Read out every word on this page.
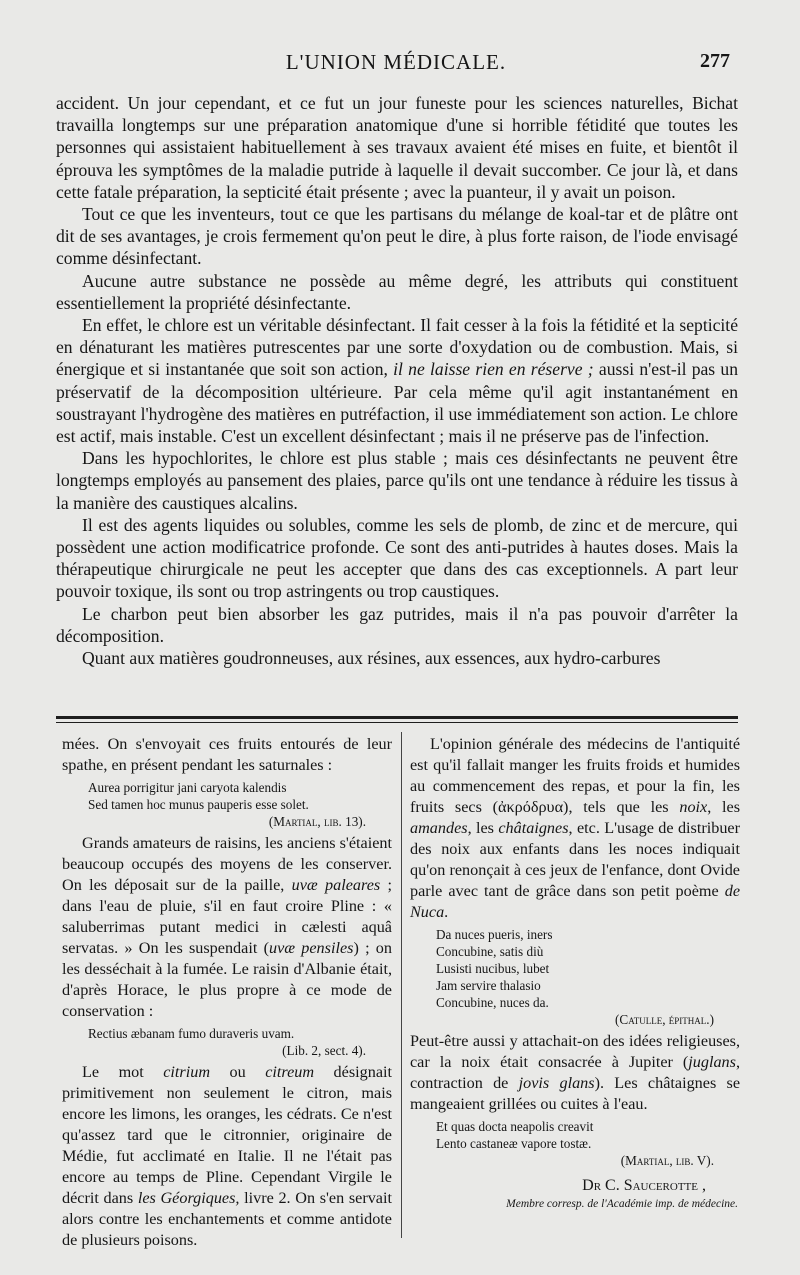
L'UNION MÉDICALE.	277

accident. Un jour cependant, et ce fut un jour funeste pour les sciences naturelles, Bichat travailla longtemps sur une préparation anatomique d'une si horrible fétidité que toutes les personnes qui assistaient habituellement à ses travaux avaient été mises en fuite, et bientôt il éprouva les symptômes de la maladie putride à laquelle il devait succomber. Ce jour là, et dans cette fatale préparation, la septicité était présente ; avec la puanteur, il y avait un poison.

Tout ce que les inventeurs, tout ce que les partisans du mélange de koal-tar et de plâtre ont dit de ses avantages, je crois fermement qu'on peut le dire, à plus forte raison, de l'iode envisagé comme désinfectant.

Aucune autre substance ne possède au même degré, les attributs qui constituent essentiellement la propriété désinfectante.

En effet, le chlore est un véritable désinfectant. Il fait cesser à la fois la fétidité et la septicité en dénaturant les matières putrescentes par une sorte d'oxydation ou de combustion. Mais, si énergique et si instantanée que soit son action, il ne laisse rien en réserve ; aussi n'est-il pas un préservatif de la décomposition ultérieure. Par cela même qu'il agit instantanément en soustrayant l'hydrogène des matières en putréfaction, il use immédiatement son action. Le chlore est actif, mais instable. C'est un excellent désinfectant ; mais il ne préserve pas de l'infection.

Dans les hypochlorites, le chlore est plus stable ; mais ces désinfectants ne peuvent être longtemps employés au pansement des plaies, parce qu'ils ont une tendance à réduire les tissus à la manière des caustiques alcalins.

Il est des agents liquides ou solubles, comme les sels de plomb, de zinc et de mercure, qui possèdent une action modificatrice profonde. Ce sont des anti-putrides à hautes doses. Mais la thérapeutique chirurgicale ne peut les accepter que dans des cas exceptionnels. A part leur pouvoir toxique, ils sont ou trop astringents ou trop caustiques.

Le charbon peut bien absorber les gaz putrides, mais il n'a pas pouvoir d'arrêter la décomposition.

Quant aux matières goudronneuses, aux résines, aux essences, aux hydro-carbures

mées. On s'envoyait ces fruits entourés de leur spathe, en présent pendant les saturnales :

Aurea porrigitur jani caryota kalendis
Sed tamen hoc munus pauperis esse solet.
(Martial, lib. 13).

Grands amateurs de raisins, les anciens s'étaient beaucoup occupés des moyens de les conserver. On les déposait sur de la paille, uvæ paleares ; dans l'eau de pluie, s'il en faut croire Pline : « saluberrimas putant medici in cælesti aquâ servatas. » On les suspendait (uvæ pensiles) ; on les desséchait à la fumée. Le raisin d'Albanie était, d'après Horace, le plus propre à ce mode de conservation :

Rectius æbanam fumo duraveris uvam.
(Lib. 2, sect. 4).

Le mot citrium ou citreum désignait primitivement non seulement le citron, mais encore les limons, les oranges, les cédrats. Ce n'est qu'assez tard que le citronnier, originaire de Médie, fut acclimaté en Italie. Il ne l'était pas encore au temps de Pline. Cependant Virgile le décrit dans les Géorgiques, livre 2. On s'en servait alors contre les enchantements et comme antidote de plusieurs poisons.

L'opinion générale des médecins de l'antiquité est qu'il fallait manger les fruits froids et humides au commencement des repas, et pour la fin, les fruits secs (ἀκρόδρυα), tels que les noix, les amandes, les châtaignes, etc. L'usage de distribuer des noix aux enfants dans les noces indiquait qu'on renonçait à ces jeux de l'enfance, dont Ovide parle avec tant de grâce dans son petit poème de Nuca.

Da nuces pueris, iners
Concubine, satis diù
Lusisti nucibus, lubet
Jam servire thalasio
Concubine, nuces da.
(Catulle, épithal.)

Peut-être aussi y attachait-on des idées religieuses, car la noix était consacrée à Jupiter (juglans, contraction de jovis glans). Les châtaignes se mangeaient grillées ou cuites à l'eau.

Et quas docta neapolis creavit
Lento castaneæ vapore tostæ.
(Martial, lib. V).
Dr C. Saucerotte ,
Membre corresp. de l'Académie imp. de médecine.
